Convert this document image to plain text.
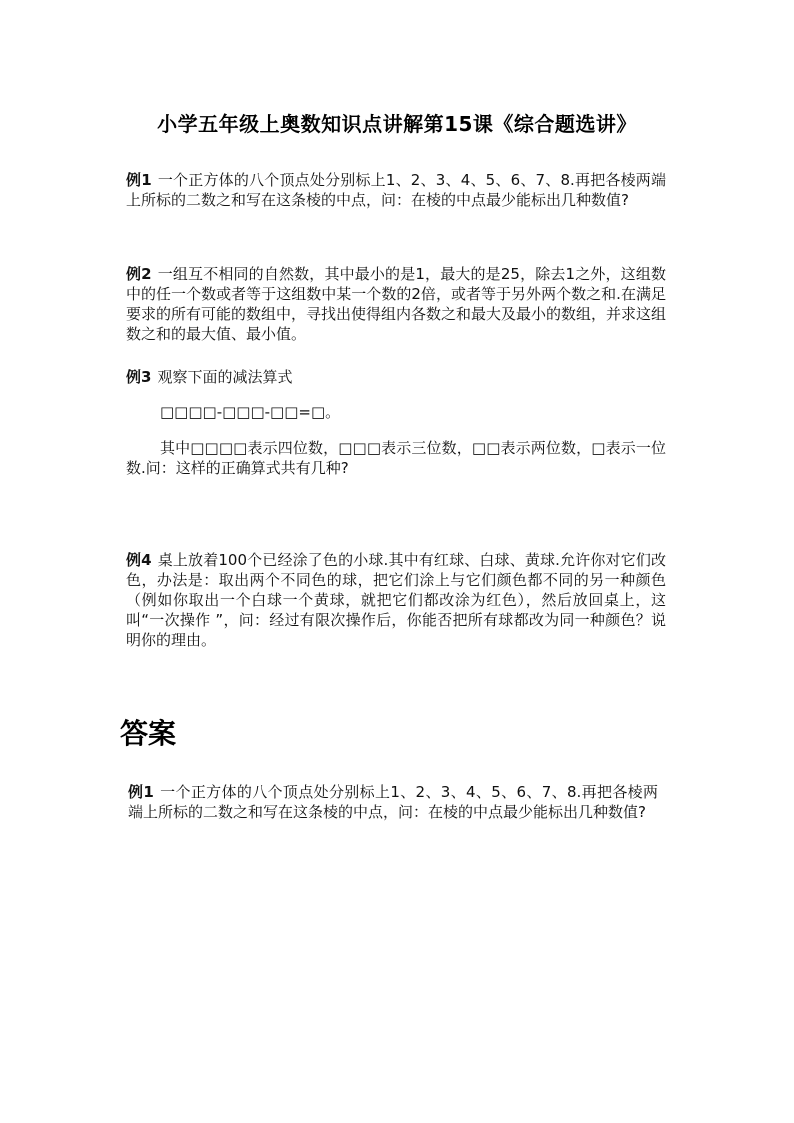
小学五年级上奥数知识点讲解第15课《综合题选讲》
例1 一个正方体的八个顶点处分别标上1、2、3、4、5、6、7、8.再把各棱两端上所标的二数之和写在这条棱的中点，问：在棱的中点最少能标出几种数值?
例2 一组互不相同的自然数，其中最小的是1，最大的是25，除去1之外，这组数中的任一个数或者等于这组数中某一个数的2倍，或者等于另外两个数之和.在满足要求的所有可能的数组中，寻找出使得组内各数之和最大及最小的数组，并求这组数之和的最大值、最小值。
例3 观察下面的减法算式
□□□□-□□□-□□=□。
其中□□□□表示四位数，□□□表示三位数，□□表示两位数，□表示一位数.问：这样的正确算式共有几种?
例4 桌上放着100个已经涂了色的小球.其中有红球、白球、黄球.允许你对它们改色，办法是：取出两个不同色的球，把它们涂上与它们颜色都不同的另一种颜色（例如你取出一个白球一个黄球，就把它们都改涂为红色），然后放回桌上，这叫“一次操作 ”，问：经过有限次操作后，你能否把所有球都改为同一种颜色？说明你的理由。
答案
例1 一个正方体的八个顶点处分别标上1、2、3、4、5、6、7、8.再把各棱两端上所标的二数之和写在这条棱的中点，问：在棱的中点最少能标出几种数值?
